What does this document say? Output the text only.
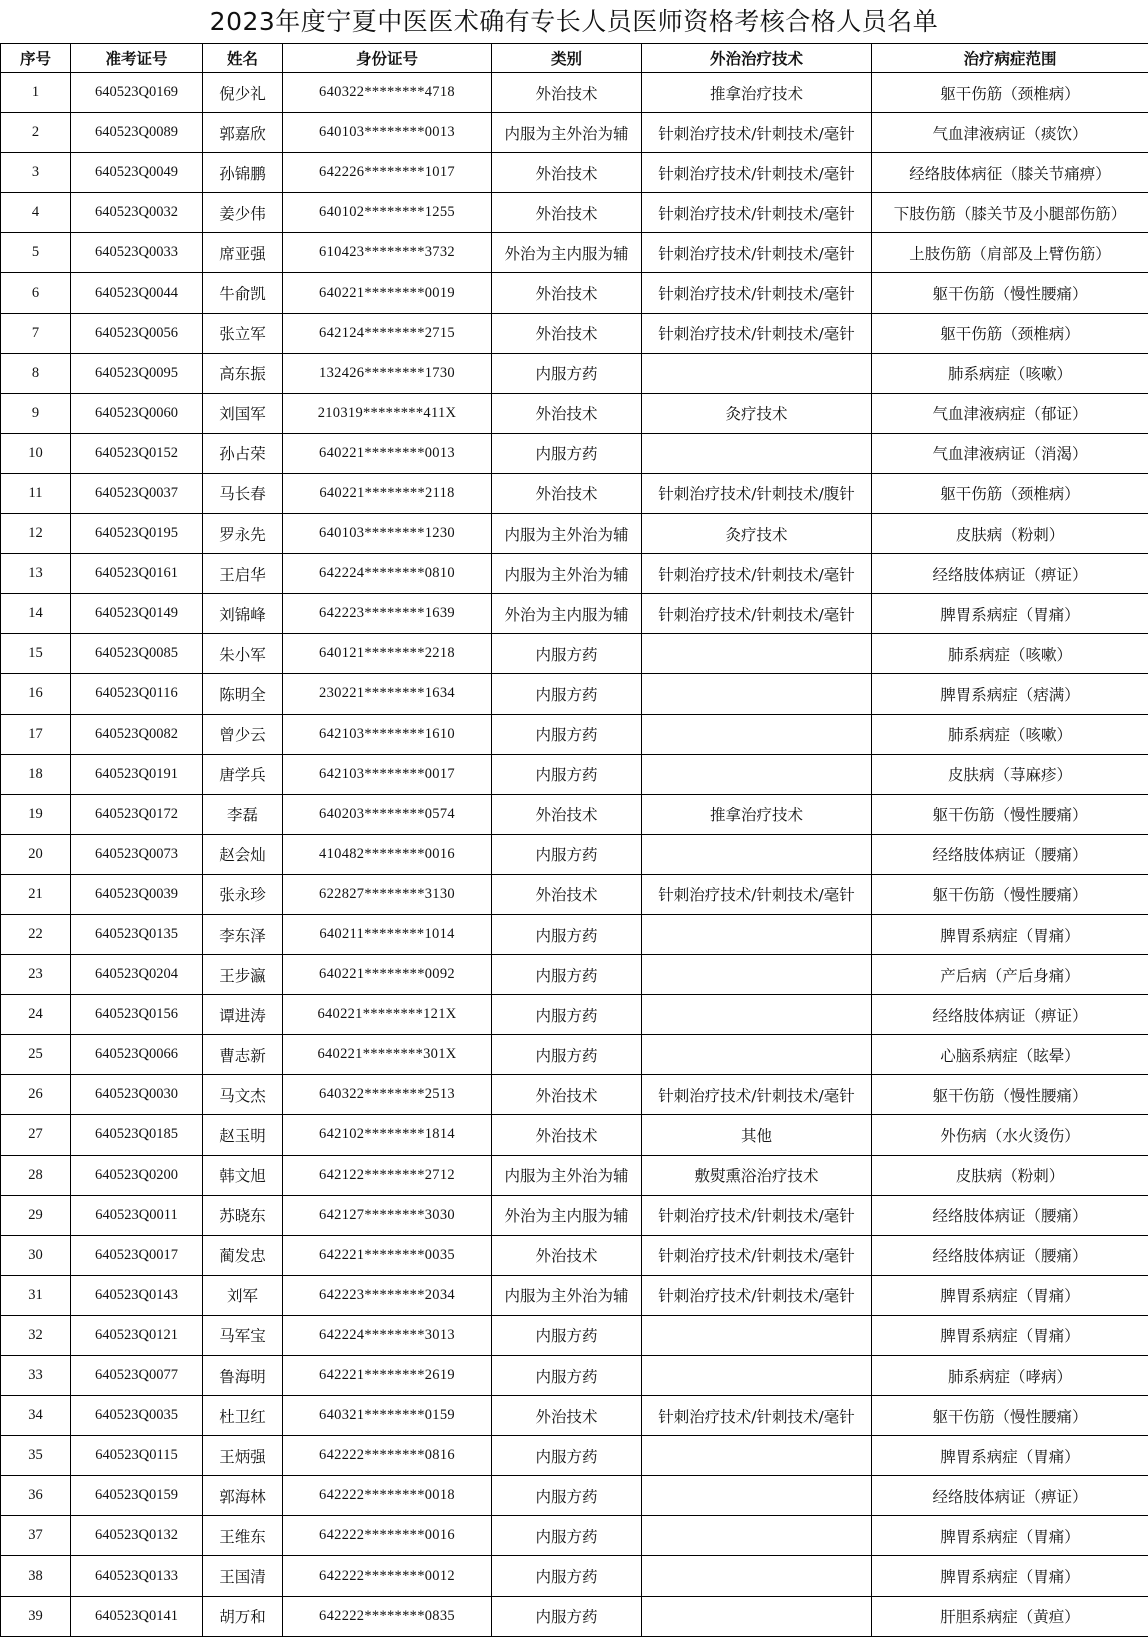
2023年度宁夏中医医术确有专长人员医师资格考核合格人员名单
序号	准考证号	姓名	身份证号	类别	外治治疗技术	治疗病症范围
1	640523Q0169	倪少礼	640322********4718	外治技术	推拿治疗技术	躯干伤筋（颈椎病）
2	640523Q0089	郭嘉欣	640103********0013	内服为主外治为辅	针刺治疗技术/针刺技术/毫针	气血津液病证（痰饮）
3	640523Q0049	孙锦鹏	642226********1017	外治技术	针刺治疗技术/针刺技术/毫针	经络肢体病征（膝关节痛痹）
4	640523Q0032	姜少伟	640102********1255	外治技术	针刺治疗技术/针刺技术/毫针	下肢伤筋（膝关节及小腿部伤筋）
5	640523Q0033	席亚强	610423********3732	外治为主内服为辅	针刺治疗技术/针刺技术/毫针	上肢伤筋（肩部及上臂伤筋）
6	640523Q0044	牛俞凯	640221********0019	外治技术	针刺治疗技术/针刺技术/毫针	躯干伤筋（慢性腰痛）
7	640523Q0056	张立军	642124********2715	外治技术	针刺治疗技术/针刺技术/毫针	躯干伤筋（颈椎病）
8	640523Q0095	高东振	132426********1730	内服方药		肺系病症（咳嗽）
9	640523Q0060	刘国军	210319********411X	外治技术	灸疗技术	气血津液病症（郁证）
10	640523Q0152	孙占荣	640221********0013	内服方药		气血津液病证（消渴）
11	640523Q0037	马长春	640221********2118	外治技术	针刺治疗技术/针刺技术/腹针	躯干伤筋（颈椎病）
12	640523Q0195	罗永先	640103********1230	内服为主外治为辅	灸疗技术	皮肤病（粉刺）
13	640523Q0161	王启华	642224********0810	内服为主外治为辅	针刺治疗技术/针刺技术/毫针	经络肢体病证（痹证）
14	640523Q0149	刘锦峰	642223********1639	外治为主内服为辅	针刺治疗技术/针刺技术/毫针	脾胃系病症（胃痛）
15	640523Q0085	朱小军	640121********2218	内服方药		肺系病症（咳嗽）
16	640523Q0116	陈明全	230221********1634	内服方药		脾胃系病症（痞满）
17	640523Q0082	曾少云	642103********1610	内服方药		肺系病症（咳嗽）
18	640523Q0191	唐学兵	642103********0017	内服方药		皮肤病（荨麻疹）
19	640523Q0172	李磊	640203********0574	外治技术	推拿治疗技术	躯干伤筋（慢性腰痛）
20	640523Q0073	赵会灿	410482********0016	内服方药		经络肢体病证（腰痛）
21	640523Q0039	张永珍	622827********3130	外治技术	针刺治疗技术/针刺技术/毫针	躯干伤筋（慢性腰痛）
22	640523Q0135	李东泽	640211********1014	内服方药		脾胃系病症（胃痛）
23	640523Q0204	王步瀛	640221********0092	内服方药		产后病（产后身痛）
24	640523Q0156	谭进涛	640221********121X	内服方药		经络肢体病证（痹证）
25	640523Q0066	曹志新	640221********301X	内服方药		心脑系病症（眩晕）
26	640523Q0030	马文杰	640322********2513	外治技术	针刺治疗技术/针刺技术/毫针	躯干伤筋（慢性腰痛）
27	640523Q0185	赵玉明	642102********1814	外治技术	其他	外伤病（水火烫伤）
28	640523Q0200	韩文旭	642122********2712	内服为主外治为辅	敷熨熏浴治疗技术	皮肤病（粉刺）
29	640523Q0011	苏晓东	642127********3030	外治为主内服为辅	针刺治疗技术/针刺技术/毫针	经络肢体病证（腰痛）
30	640523Q0017	蔺发忠	642221********0035	外治技术	针刺治疗技术/针刺技术/毫针	经络肢体病证（腰痛）
31	640523Q0143	刘军	642223********2034	内服为主外治为辅	针刺治疗技术/针刺技术/毫针	脾胃系病症（胃痛）
32	640523Q0121	马军宝	642224********3013	内服方药		脾胃系病症（胃痛）
33	640523Q0077	鲁海明	642221********2619	内服方药		肺系病症（哮病）
34	640523Q0035	杜卫红	640321********0159	外治技术	针刺治疗技术/针刺技术/毫针	躯干伤筋（慢性腰痛）
35	640523Q0115	王炳强	642222********0816	内服方药		脾胃系病症（胃痛）
36	640523Q0159	郭海林	642222********0018	内服方药		经络肢体病证（痹证）
37	640523Q0132	王维东	642222********0016	内服方药		脾胃系病症（胃痛）
38	640523Q0133	王国清	642222********0012	内服方药		脾胃系病症（胃痛）
39	640523Q0141	胡万和	642222********0835	内服方药		肝胆系病症（黄疸）
